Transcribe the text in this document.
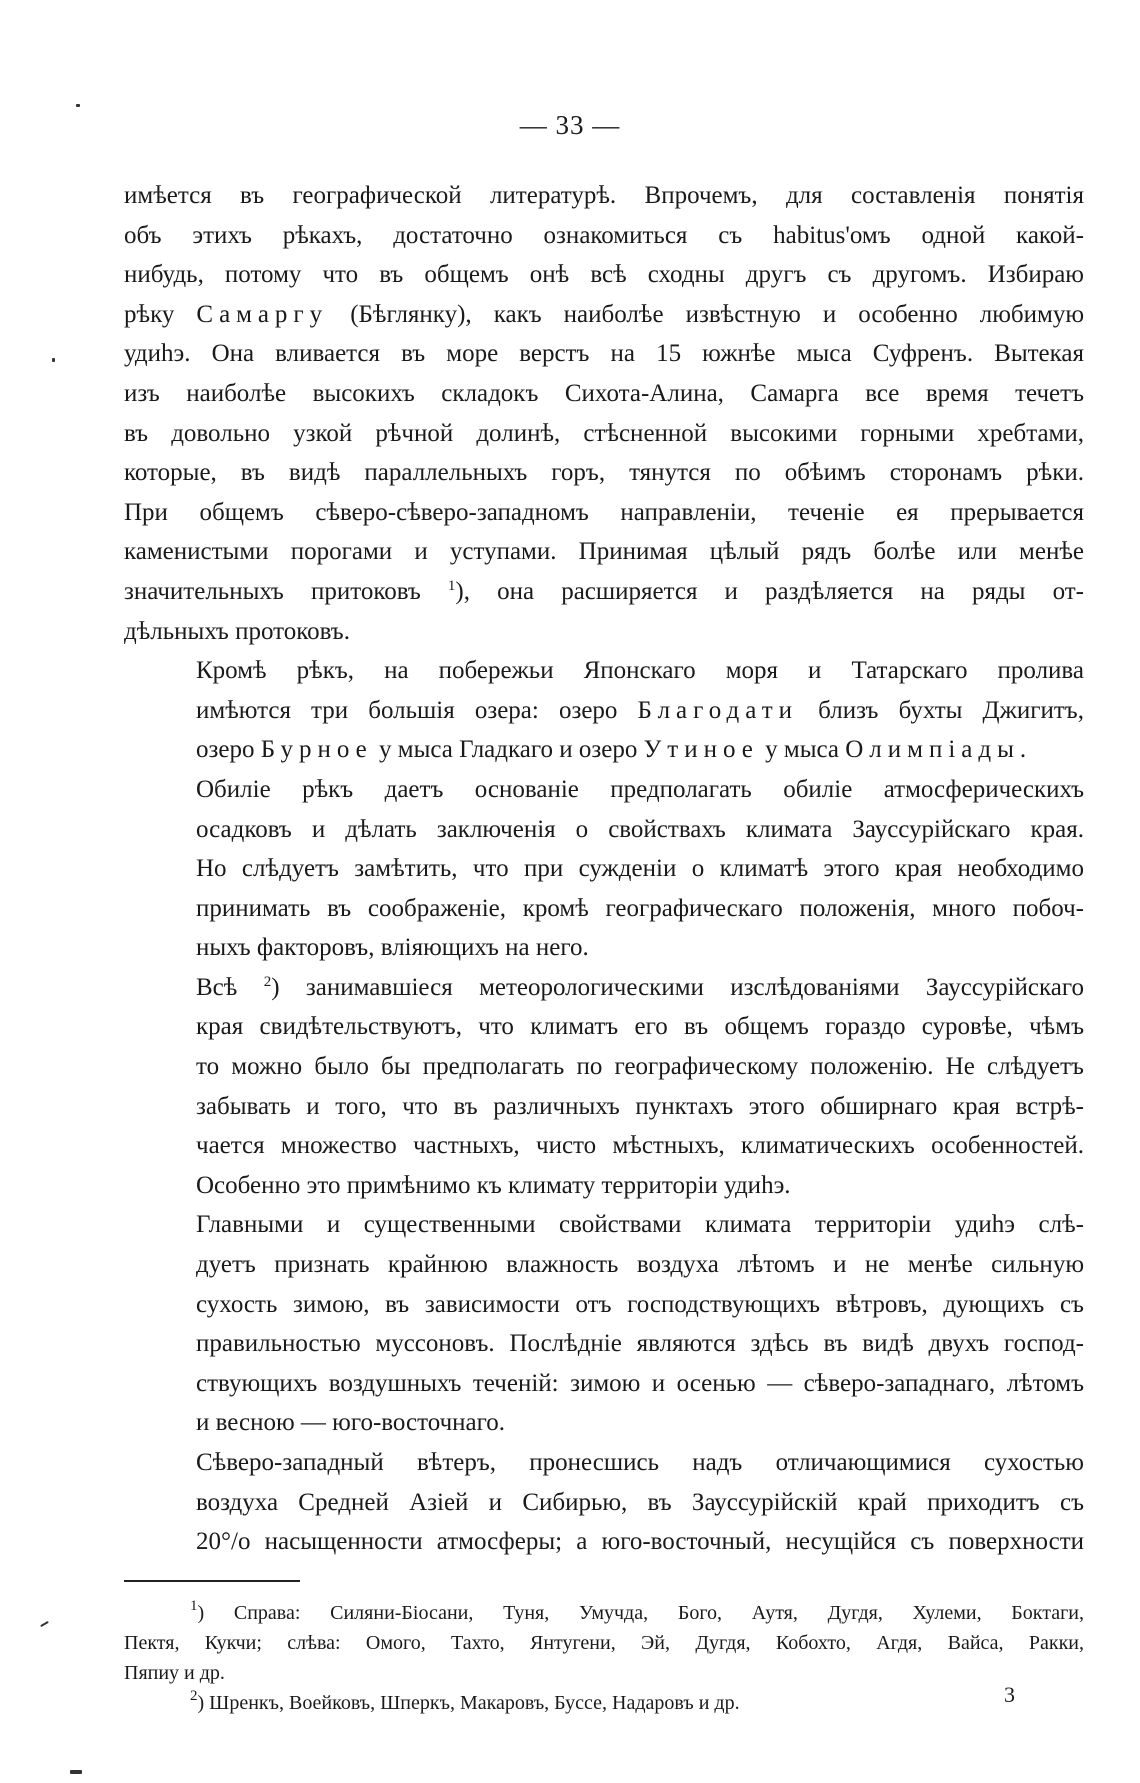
— 33 —

имѣется въ географической литературѣ. Впрочемъ, для составленія понятія
объ этихъ рѣкахъ, достаточно ознакомиться съ habitus'омъ одной какой-
нибудь, потому что въ общемъ онѣ всѣ сходны другъ съ другомъ. Избираю
рѣку Самаргу (Бѣглянку), какъ наиболѣе извѣстную и особенно любимую
удиһэ. Она вливается въ море верстъ на 15 южнѣе мыса Суфренъ. Вытекая
изъ наиболѣе высокихъ складокъ Сихота-Алина, Самарга все время течетъ
въ довольно узкой рѣчной долинѣ, стѣсненной высокими горными хребтами,
которые, въ видѣ параллельныхъ горъ, тянутся по обѣимъ сторонамъ рѣки.
При общемъ сѣверо-сѣверо-западномъ направленіи, теченіе ея прерывается
каменистыми порогами и уступами. Принимая цѣлый рядъ болѣе или менѣе
значительныхъ притоковъ $^1$), она расширяется и раздѣляется на ряды от-
дѣльныхъ протоковъ.

Кромѣ рѣкъ, на побережьи Японскаго моря и Татарскаго пролива
имѣются три большія озера: озеро Благодати близъ бухты Джигитъ,
озеро Бурное у мыса Гладкаго и озеро Утиное у мыса Олимпіады.

Обиліе рѣкъ даетъ основаніе предполагать обиліе атмосферическихъ
осадковъ и дѣлать заключенія о свойствахъ климата Зауссурійскаго края.
Но слѣдуетъ замѣтить, что при сужденіи о климатѣ этого края необходимо
принимать въ соображеніе, кромѣ географическаго положенія, много побоч-
ныхъ факторовъ, вліяющихъ на него.

Всѣ $^2$) занимавшіеся метеорологическими изслѣдованіями Зауссурійскаго
края свидѣтельствуютъ, что климатъ его въ общемъ гораздо суровѣе, чѣмъ
то можно было бы предполагать по географическому положенію. Не слѣдуетъ
забывать и того, что въ различныхъ пунктахъ этого обширнаго края встрѣ-
чается множество частныхъ, чисто мѣстныхъ, климатическихъ особенностей.
Особенно это примѣнимо къ климату территоріи удиһэ.

Главными и существенными свойствами климата территоріи удиһэ слѣ-
дуетъ признать крайнюю влажность воздуха лѣтомъ и не менѣе сильную
сухость зимою, въ зависимости отъ господствующихъ вѣтровъ, дующихъ съ
правильностью муссоновъ. Послѣдніе являются здѣсь въ видѣ двухъ господ-
ствующихъ воздушныхъ теченій: зимою и осенью — сѣверо-западнаго, лѣтомъ
и весною — юго-восточнаго.

Сѣверо-западный вѣтеръ, пронесшись надъ отличающимися сухостью
воздуха Средней Азіей и Сибирью, въ Зауссурійскій край приходитъ съ
20°/о насыщенности атмосферы; а юго-восточный, несущійся съ поверхности

$^1$) Справа: Силяни-Біосани, Туня, Умучда, Бого, Аутя, Дугдя, Хулеми, Боктаги,
Пектя, Кукчи; слѣва: Омого, Тахто, Янтугени, Эй, Дугдя, Кобохто, Агдя, Вайса, Ракки,
Пяпиу и др.
$^2$) Шренкъ, Воейковъ, Шперкъ, Макаровъ, Буссе, Надаровъ и др.	3
